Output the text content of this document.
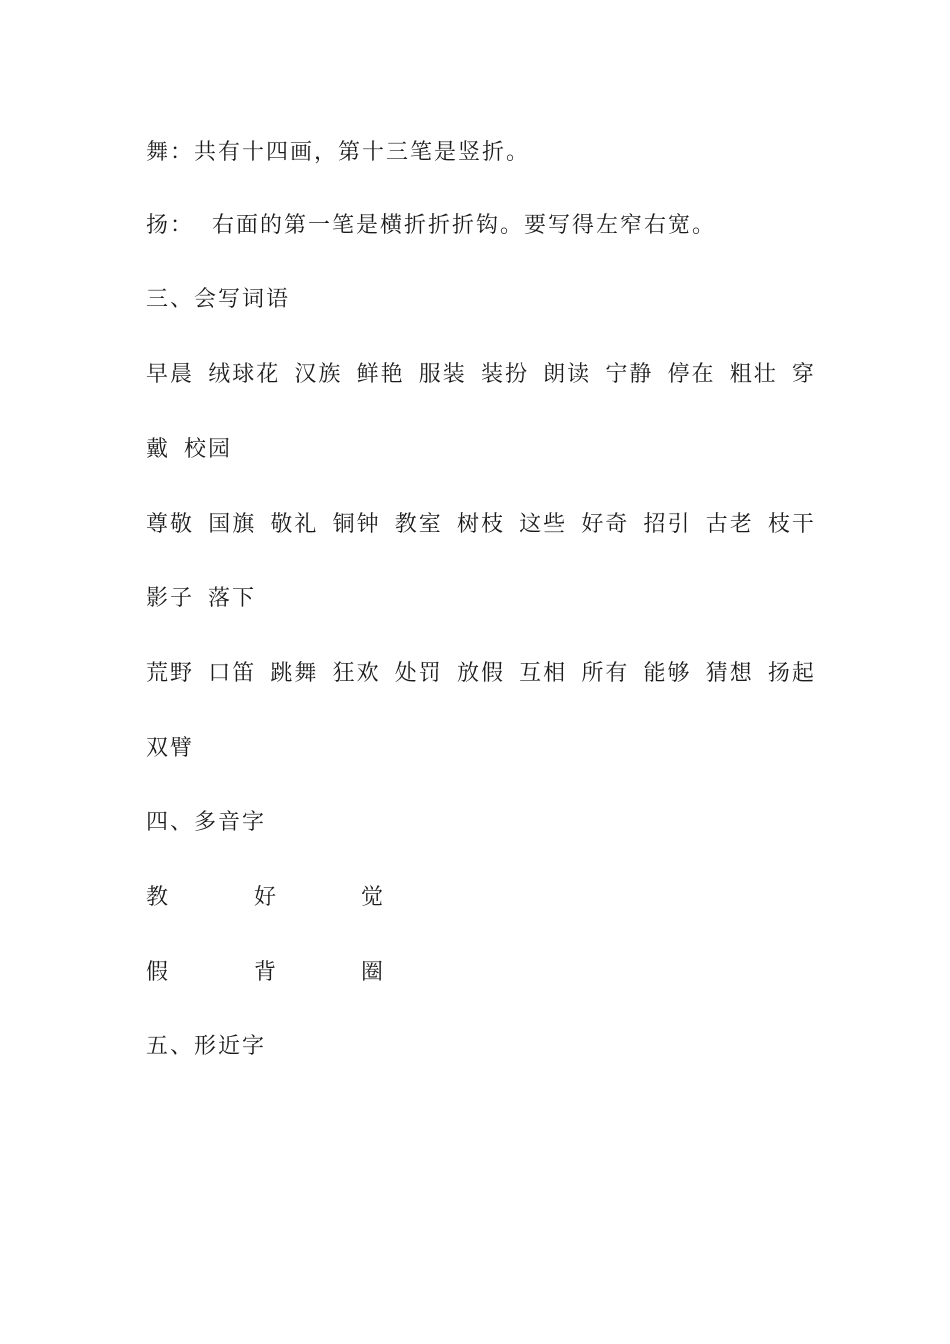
舞：共有十四画，第十三笔是竖折。
扬： 右面的第一笔是横折折折钩。要写得左窄右宽。
三、会写词语
早晨 绒球花 汉族 鲜艳 服装 装扮 朗读 宁静 停在 粗壮 穿
戴 校园
尊敬 国旗 敬礼 铜钟 教室 树枝 这些 好奇 招引 古老 枝干
影子 落下
荒野 口笛 跳舞 狂欢 处罚 放假 互相 所有 能够 猜想 扬起
双臂
四、多音字
教	好	觉
假	背	圈
五、形近字
